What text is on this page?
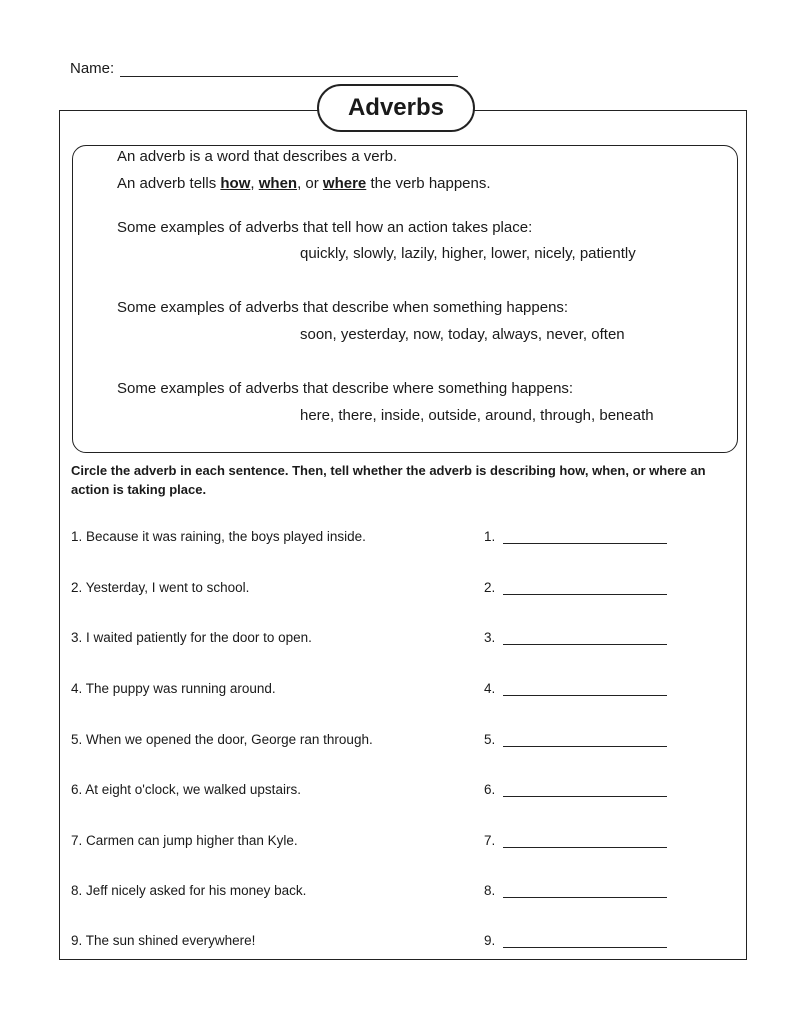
Name:
Adverbs
An adverb is a word that describes a verb.
An adverb tells how, when, or where the verb happens.
Some examples of adverbs that tell how an action takes place:
quickly, slowly, lazily, higher, lower, nicely, patiently
Some examples of adverbs that describe when something happens:
soon, yesterday, now, today, always, never, often
Some examples of adverbs that describe where something happens:
here, there, inside, outside, around, through, beneath
Circle the adverb in each sentence. Then, tell whether the adverb is describing how, when, or where an action is taking place.
1. Because it was raining, the boys played inside.	1.
2. Yesterday, I went to school.	2.
3. I waited patiently for the door to open.	3.
4. The puppy was running around.	4.
5. When we opened the door, George ran through.	5.
6. At eight o'clock, we walked upstairs.	6.
7. Carmen can jump higher than Kyle.	7.
8. Jeff nicely asked for his money back.	8.
9. The sun shined everywhere!	9.
